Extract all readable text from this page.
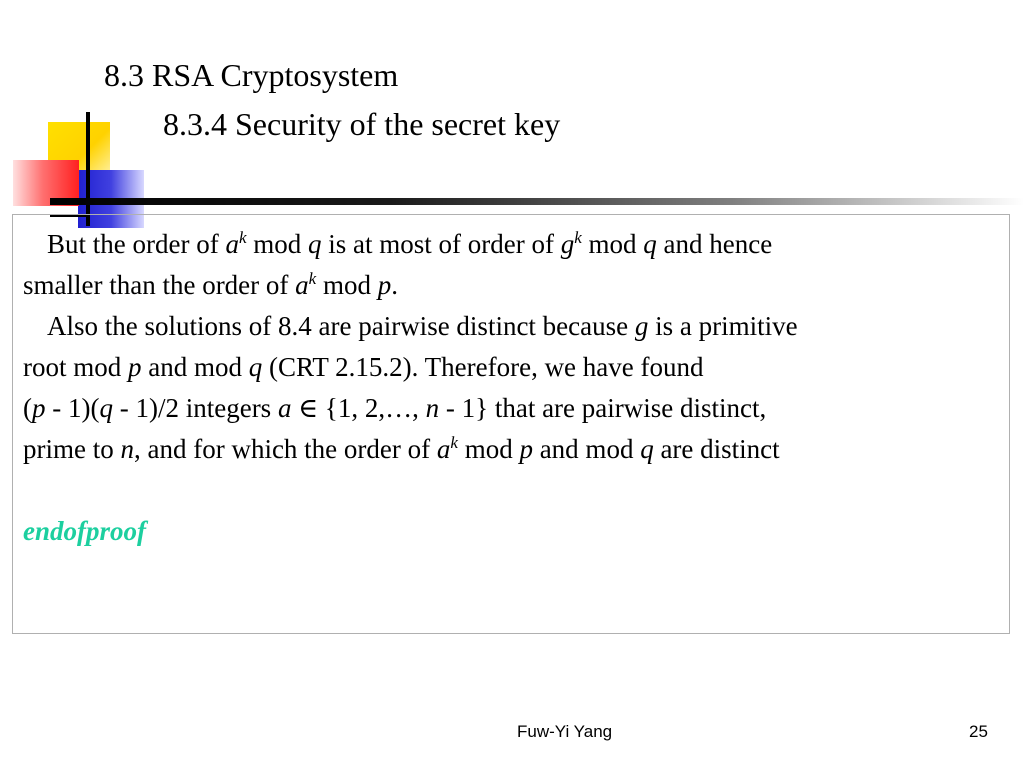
8.3 RSA Cryptosystem
8.3.4 Security of the secret key

But the order of $a^k$ mod q is at most of order of $g^k$ mod q and hence

smaller than the order of $a^k$ mod p.

Also the solutions of 8.4 are pairwise distinct because g is a primitive

root mod p and mod q (CRT 2.15.2). Therefore, we have found

(p - 1)(q - 1)/2 integers a ∈ {1, 2,…, n - 1} that are pairwise distinct,

prime to n, and for which the order of $a^k$ mod p and mod q are distinct

endofproof

Fuw-Yi Yang	25
